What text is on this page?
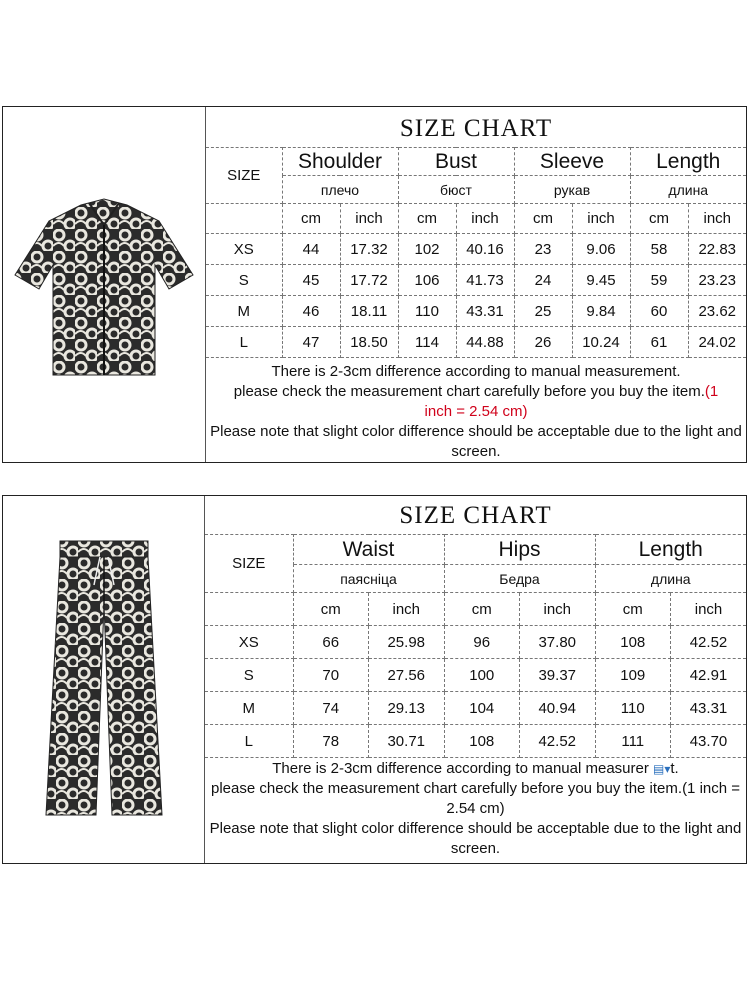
SIZE CHART
SIZE	Shoulder		Bust		Sleeve		Length	
	плечо		бюст		рукав		длина	
	cm	inch	cm	inch	cm	inch	cm	inch
XS	44	17.32	102	40.16	23	9.06	58	22.83
S	45	17.72	106	41.73	24	9.45	59	23.23
M	46	18.11	110	43.31	25	9.84	60	23.62
L	47	18.50	114	44.88	26	10.24	61	24.02

There is 2-3cm difference according to manual measurement.

please check the measurement chart carefully before you buy the item.(1

inch = 2.54 cm)

Please note that slight color difference should be acceptable due to the light and screen.

SIZE CHART
SIZE	Waist		Hips		Length	
	паясніца		Бедра		длина	
	cm	inch	cm	inch	cm	inch
XS	66	25.98	96	37.80	108	42.52
S	70	27.56	100	39.37	109	42.91
M	74	29.13	104	40.94	110	43.31
L	78	30.71	108	42.52	111	43.70

There is 2-3cm difference according to manual measurer ▤▾t.

please check the measurement chart carefully before you buy the item.(1 inch = 2.54 cm)

Please note that slight color difference should be acceptable due to the light and screen.
